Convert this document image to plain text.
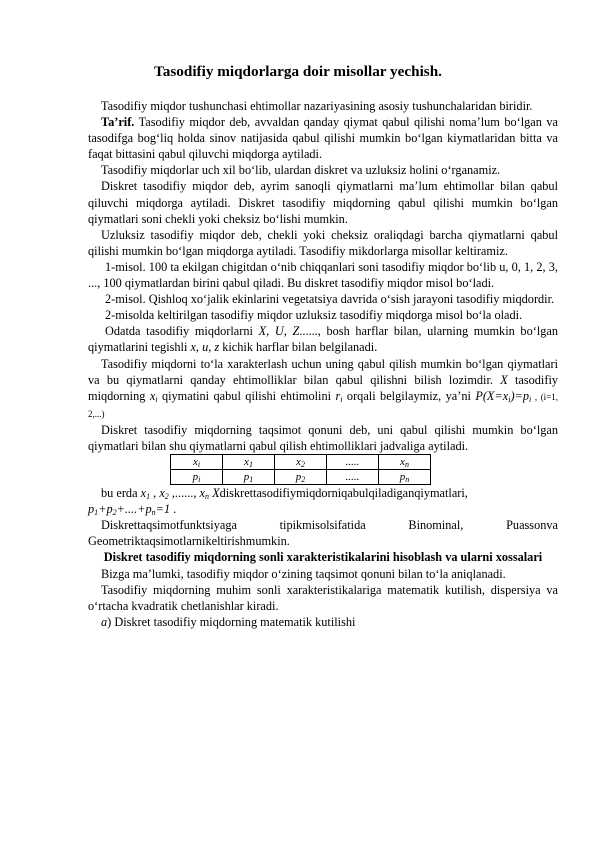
Tasodifiy miqdorlarga doir misollar yechish.

Tasodifiy miqdor tushunchasi ehtimollar nazariyasining asosiy tushunchalaridan biridir.

Ta’rif. Tasodifiy miqdor deb, avvaldan qanday qiymat qabul qilishi noma’lum bo‘lgan va tasodifga bog‘liq holda sinov natijasida qabul qilishi mumkin bo‘lgan kiymatlaridan bitta va faqat bittasini qabul qiluvchi miqdorga aytiladi.

Tasodifiy miqdorlar uch xil bo‘lib, ulardan diskret va uzluksiz holini o‘rganamiz.

Diskret tasodifiy miqdor deb, ayrim sanoqli qiymatlarni ma’lum ehtimollar bilan qabul qiluvchi miqdorga aytiladi. Diskret tasodifiy miqdorning qabul qilishi mumkin bo‘lgan qiymatlari soni chekli yoki cheksiz bo‘lishi mumkin.

Uzluksiz tasodifiy miqdor deb, chekli yoki cheksiz oraliqdagi barcha qiymatlarni qabul qilishi mumkin bo‘lgan miqdorga aytiladi. Tasodifiy mikdorlarga misollar keltiramiz.

1-misol. 100 ta ekilgan chigitdan o‘nib chiqqanlari soni tasodifiy miqdor bo‘lib u, 0, 1, 2, 3, ..., 100 qiymatlardan birini qabul qiladi. Bu diskret tasodifiy miqdor misol bo‘ladi.

2-misol. Qishloq xo‘jalik ekinlarini vegetatsiya davrida o‘sish jarayoni tasodifiy miqdordir.

2-misolda keltirilgan tasodifiy miqdor uzluksiz tasodifiy miqdorga misol bo‘la oladi.

Odatda tasodifiy miqdorlarni X, U, Z......, bosh harflar bilan, ularning mumkin bo‘lgan qiymatlarini tegishli x, u, z kichik harflar bilan belgilanadi.

Tasodifiy miqdorni to‘la xarakterlash uchun uning qabul qilish mumkin bo‘lgan qiymatlari va bu qiymatlarni qanday ehtimolliklar bilan qabul qilishni bilish lozimdir. X tasodifiy miqdorning $x_i$ qiymatini qabul qilishi ehtimolini $r_i$ orqali belgilaymiz, ya’ni $P(X=x_i)=p_i$ , (i=1, 2,...)

Diskret tasodifiy miqdorning taqsimot qonuni deb, uni qabul qilishi mumkin bo‘lgan qiymatlari bilan shu qiymatlarni qabul qilish ehtimolliklari jadvaliga aytiladi.

$x_i$	$x_1$	$x_2$	.....	$x_n$
$p_i$	$p_1$	$p_2$	.....	$p_n$

bu erda $x_1$ , $x_2$ ,......, $x_n$ Xdiskrettasodifiymiqdorniqabulqiladiganqiymatlari,
$p_1+p_2+....+p_n=1$ .

Diskrettaqsimotfunktsiyaga	tipikmisolsifatida	Binominal,	Puassonva

Geometriktaqsimotlarnikeltirishmumkin.

Diskret tasodifiy miqdorning sonli xarakteristikalarini hisoblash va ularni xossalari

Bizga ma’lumki, tasodifiy miqdor o‘zining taqsimot qonuni bilan to‘la aniqlanadi.

Tasodifiy miqdorning muhim sonli xarakteristikalariga matematik kutilish, dispersiya va o‘rtacha kvadratik chetlanishlar kiradi.

a) Diskret tasodifiy miqdorning matematik kutilishi
